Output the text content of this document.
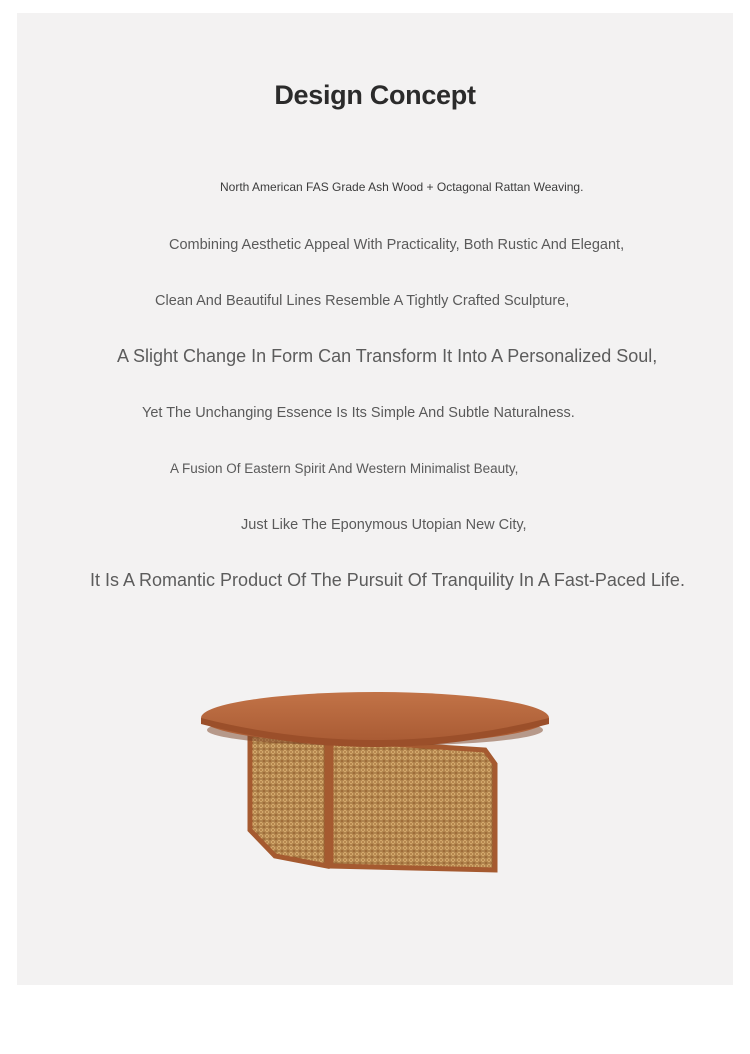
Design Concept
North American FAS Grade Ash Wood + Octagonal Rattan Weaving.
Combining Aesthetic Appeal With Practicality, Both Rustic And Elegant,
Clean And Beautiful Lines Resemble A Tightly Crafted Sculpture,
A Slight Change In Form Can Transform It Into A Personalized Soul,
Yet The Unchanging Essence Is Its Simple And Subtle Naturalness.
A Fusion Of Eastern Spirit And Western Minimalist Beauty,
Just Like The Eponymous Utopian New City,
It Is A Romantic Product Of The Pursuit Of Tranquility In A Fast-Paced Life.
